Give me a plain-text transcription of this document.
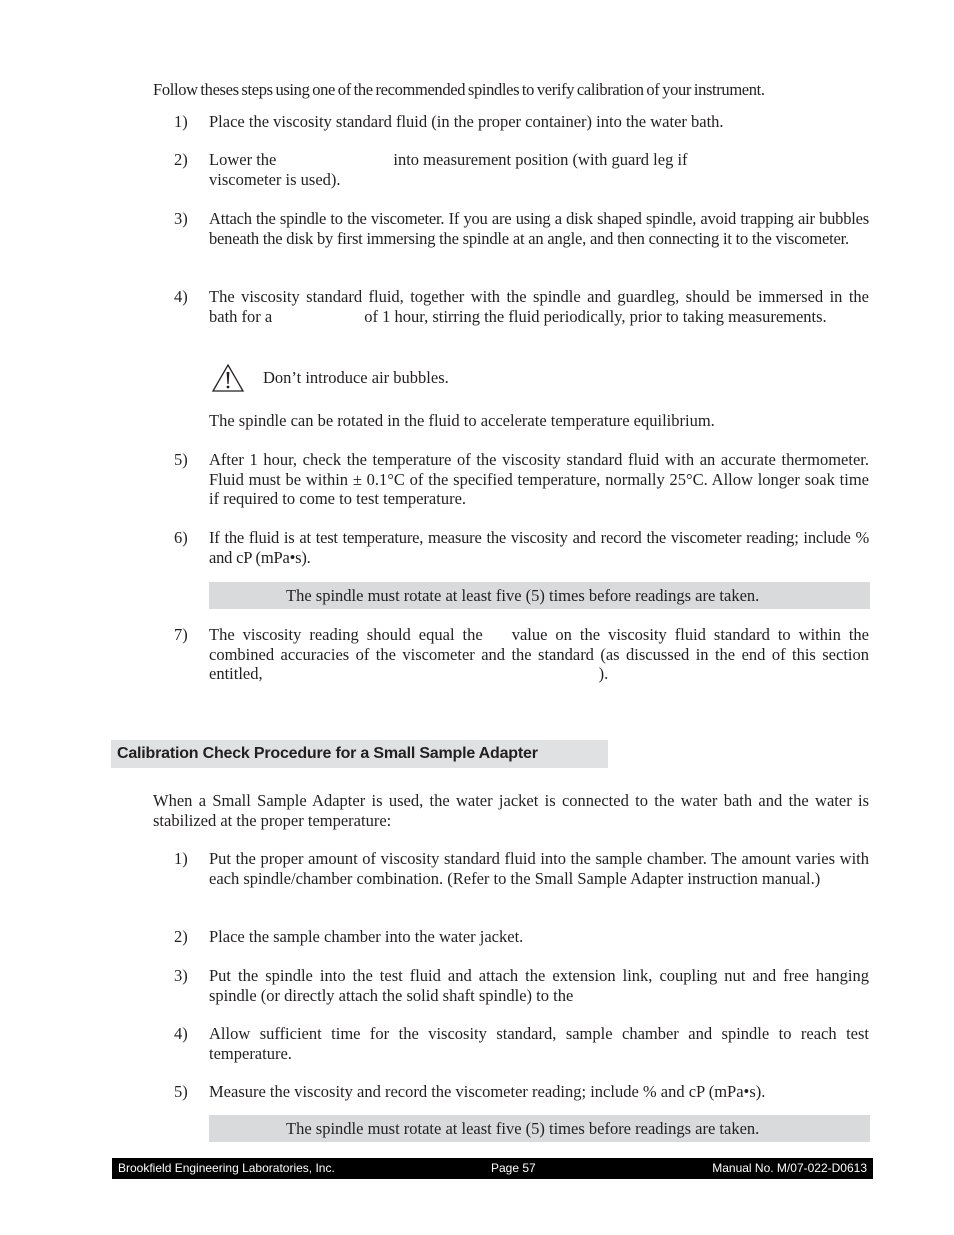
Follow theses steps using one of the recommended spindles to verify calibration of your instrument.
1) Place the viscosity standard fluid (in the proper container) into the water bath.
2) Lower the	into measurement position (with guard leg if
viscometer is used).
3) Attach the spindle to the viscometer. If you are using a disk shaped spindle, avoid trapping air bubbles beneath the disk by first immersing the spindle at an angle, and then connecting it to the viscometer.
4) The viscosity standard fluid, together with the spindle and guardleg, should be immersed in the bath for a	of 1 hour, stirring the fluid periodically, prior to taking measurements.
Don’t introduce air bubbles.
The spindle can be rotated in the fluid to accelerate temperature equilibrium.
5) After 1 hour, check the temperature of the viscosity standard fluid with an accurate thermometer. Fluid must be within ± 0.1°C of the specified temperature, normally 25°C. Allow longer soak time if required to come to test temperature.
6) If the fluid is at test temperature, measure the viscosity and record the viscometer reading; include % and cP (mPa•s).
The spindle must rotate at least five (5) times before readings are taken.
7) The viscosity reading should equal the value on the viscosity fluid standard to within the combined accuracies of the viscometer and the standard (as discussed in the end of this section entitled,	).
Calibration Check Procedure for a Small Sample Adapter
When a Small Sample Adapter is used, the water jacket is connected to the water bath and the water is stabilized at the proper temperature:
1) Put the proper amount of viscosity standard fluid into the sample chamber. The amount varies with each spindle/chamber combination. (Refer to the Small Sample Adapter instruction manual.)
2) Place the sample chamber into the water jacket.
3) Put the spindle into the test fluid and attach the extension link, coupling nut and free hanging spindle (or directly attach the solid shaft spindle) to the
4) Allow sufficient time for the viscosity standard, sample chamber and spindle to reach test temperature.
5) Measure the viscosity and record the viscometer reading; include % and cP (mPa•s).
The spindle must rotate at least five (5) times before readings are taken.
Brookfield Engineering Laboratories, Inc.	Page 57	Manual No. M/07-022-D0613
